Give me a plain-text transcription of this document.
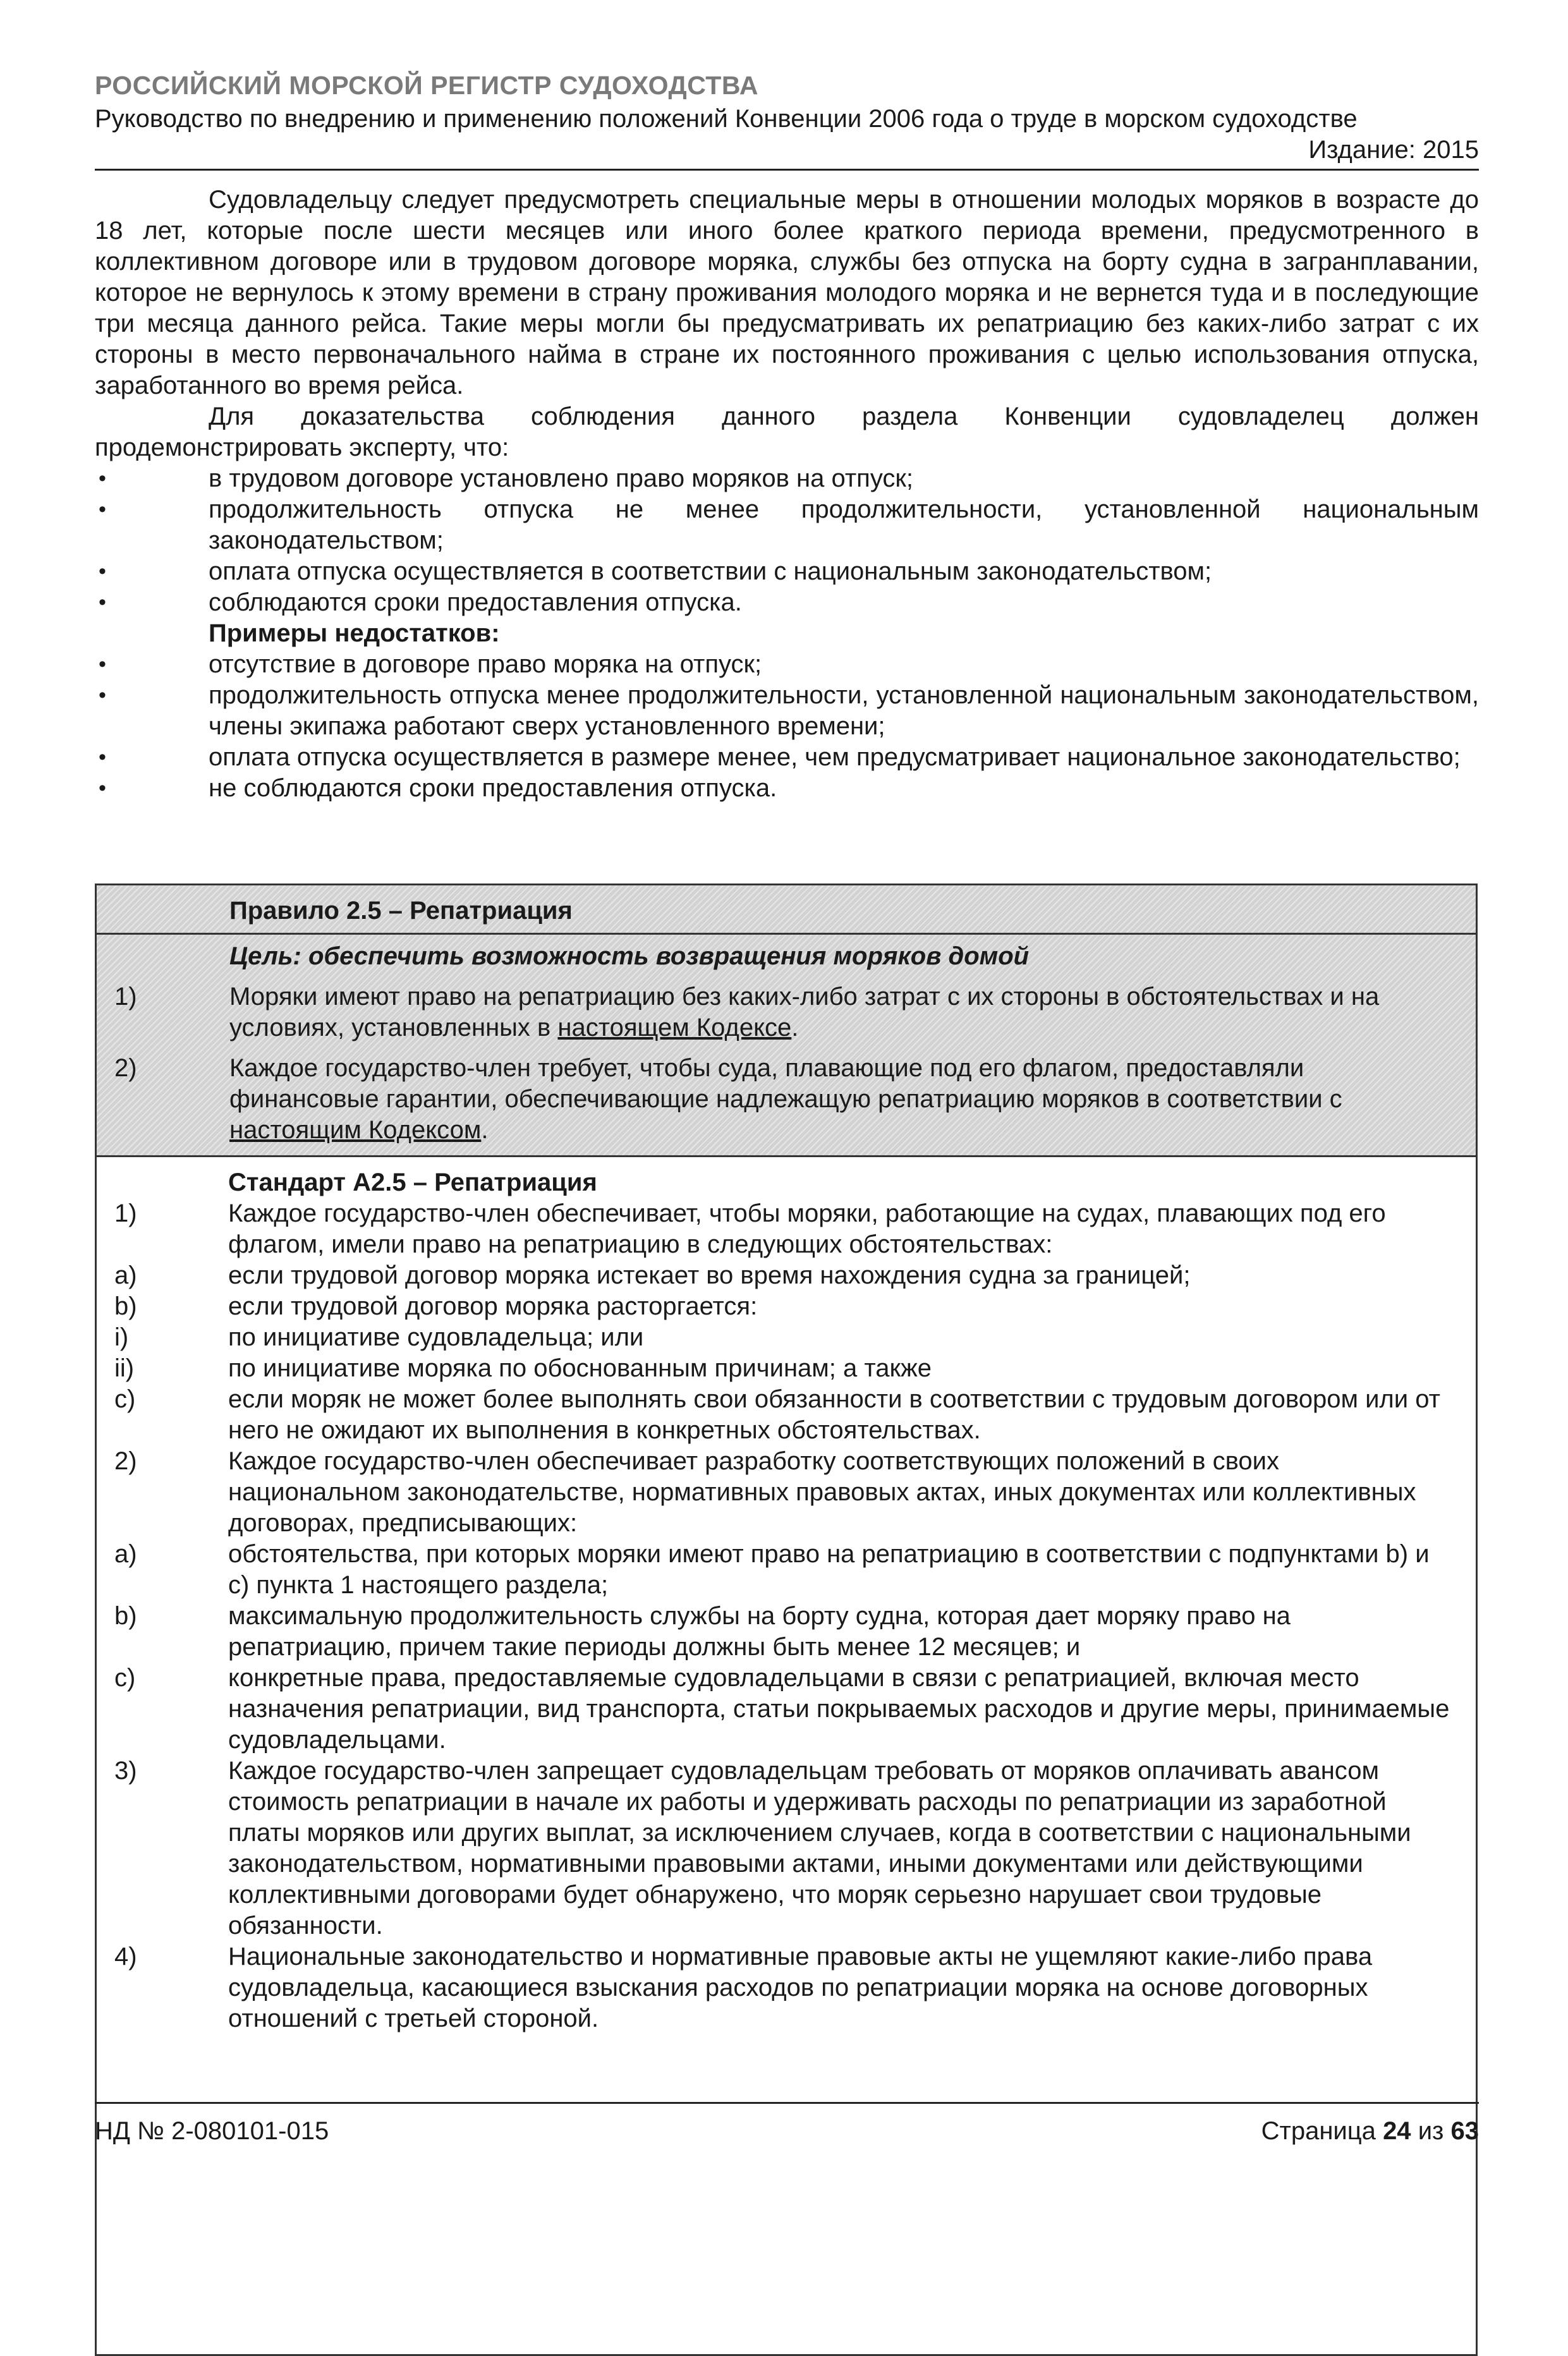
РОССИЙСКИЙ МОРСКОЙ РЕГИСТР СУДОХОДСТВА
Руководство по внедрению и применению положений Конвенции 2006 года о труде в морском судоходстве
Издание: 2015

Судовладельцу следует предусмотреть специальные меры в отношении молодых моряков в возрасте до 18 лет, которые после шести месяцев или иного более краткого периода времени, предусмотренного в коллективном договоре или в трудовом договоре моряка, службы без отпуска на борту судна в загранплавании, которое не вернулось к этому времени в страну проживания молодого моряка и не вернется туда и в последующие три месяца данного рейса. Такие меры могли бы предусматривать их репатриацию без каких-либо затрат с их стороны в место первоначального найма в стране их постоянного проживания с целью использования отпуска, заработанного во время рейса.

Для доказательства соблюдения данного раздела Конвенции судовладелец должен

продемонстрировать эксперту, что:

•	в трудовом договоре установлено право моряков на отпуск;
•	продолжительность отпуска не менее продолжительности, установленной национальным законодательством;
•	оплата отпуска осуществляется в соответствии с национальным законодательством;
•	соблюдаются сроки предоставления отпуска.
Примеры недостатков:
•	отсутствие в договоре право моряка на отпуск;
•	продолжительность отпуска менее продолжительности, установленной национальным законодательством, члены экипажа работают сверх установленного времени;
•	оплата отпуска осуществляется в размере менее, чем предусматривает национальное законодательство;
•	не соблюдаются сроки предоставления отпуска.
Правило 2.5 – Репатриация
Цель: обеспечить возможность возвращения моряков домой
1)	Моряки имеют право на репатриацию без каких-либо затрат с их стороны в обстоятельствах и на условиях, установленных в настоящем Кодексе.
2)	Каждое государство-член требует, чтобы суда, плавающие под его флагом, предоставляли финансовые гарантии, обеспечивающие надлежащую репатриацию моряков в соответствии с настоящим Кодексом.
Стандарт А2.5 – Репатриация
1)	Каждое государство-член обеспечивает, чтобы моряки, работающие на судах, плавающих под его флагом, имели право на репатриацию в следующих обстоятельствах:
a)	если трудовой договор моряка истекает во время нахождения судна за границей;
b)	если трудовой договор моряка расторгается:
i)	по инициативе судовладельца; или
ii)	по инициативе моряка по обоснованным причинам; а также
c)	если моряк не может более выполнять свои обязанности в соответствии с трудовым договором или от него не ожидают их выполнения в конкретных обстоятельствах.
2)	Каждое государство-член обеспечивает разработку соответствующих положений в своих национальном законодательстве, нормативных правовых актах, иных документах или коллективных договорах, предписывающих:
a)	обстоятельства, при которых моряки имеют право на репатриацию в соответствии с подпунктами b) и c) пункта 1 настоящего раздела;
b)	максимальную продолжительность службы на борту судна, которая дает моряку право на репатриацию, причем такие периоды должны быть менее 12 месяцев; и
c)	конкретные права, предоставляемые судовладельцами в связи с репатриацией, включая место назначения репатриации, вид транспорта, статьи покрываемых расходов и другие меры, принимаемые судовладельцами.
3)	Каждое государство-член запрещает судовладельцам требовать от моряков оплачивать авансом стоимость репатриации в начале их работы и удерживать расходы по репатриации из заработной платы моряков или других выплат, за исключением случаев, когда в соответствии с национальными законодательством, нормативными правовыми актами, иными документами или действующими коллективными договорами будет обнаружено, что моряк серьезно нарушает свои трудовые обязанности.
4)	Национальные законодательство и нормативные правовые акты не ущемляют какие-либо права судовладельца, касающиеся взыскания расходов по репатриации моряка на основе договорных отношений с третьей стороной.
НД № 2-080101-015	Страница 24 из 63
